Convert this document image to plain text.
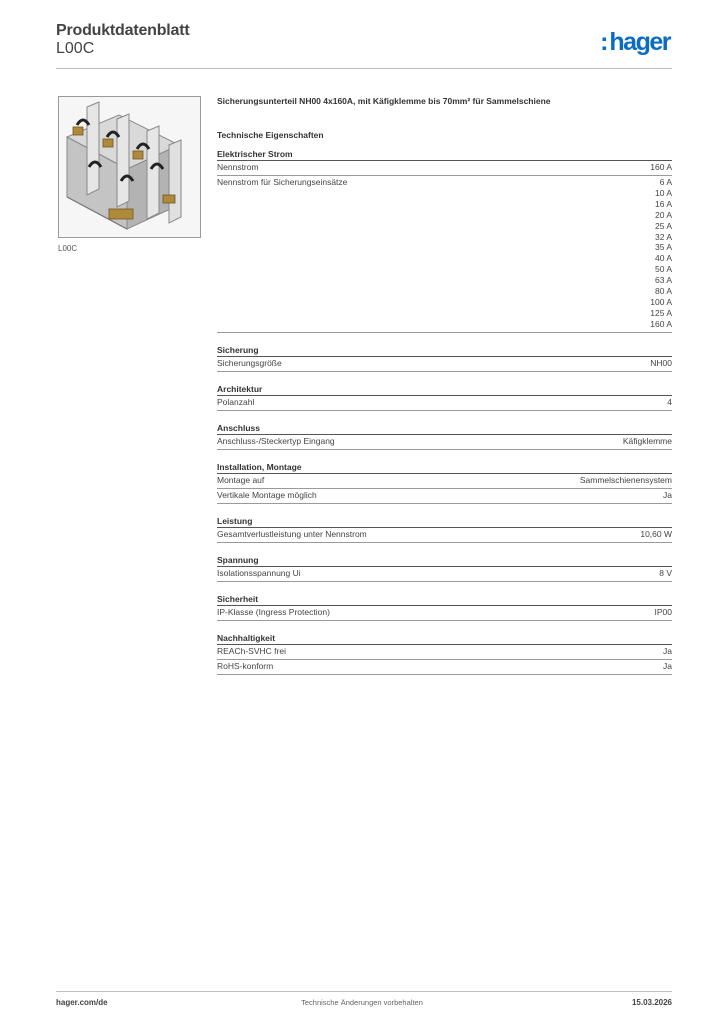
Produktdatenblatt
L00C	:hager
L00C
Sicherungsunterteil NH00 4x160A, mit Käfigklemme bis 70mm² für Sammelschiene
Technische Eigenschaften
Elektrischer Strom
Nennstrom	160 A
Nennstrom für Sicherungseinsätze	6 A
10 A
16 A
20 A
25 A
32 A
35 A
40 A
50 A
63 A
80 A
100 A
125 A
160 A
Sicherung
Sicherungsgröße	NH00
Architektur
Polanzahl	4
Anschluss
Anschluss-/Steckertyp Eingang	Käfigklemme
Installation, Montage
Montage auf	Sammelschienensystem
Vertikale Montage möglich	Ja
Leistung
Gesamtverlustleistung unter Nennstrom	10,60 W
Spannung
Isolationsspannung Ui	8 V
Sicherheit
IP-Klasse (Ingress Protection)	IP00
Nachhaltigkeit
REACh-SVHC frei	Ja
RoHS-konform	Ja
hager.com/de	Technische Änderungen vorbehalten	15.03.2026
